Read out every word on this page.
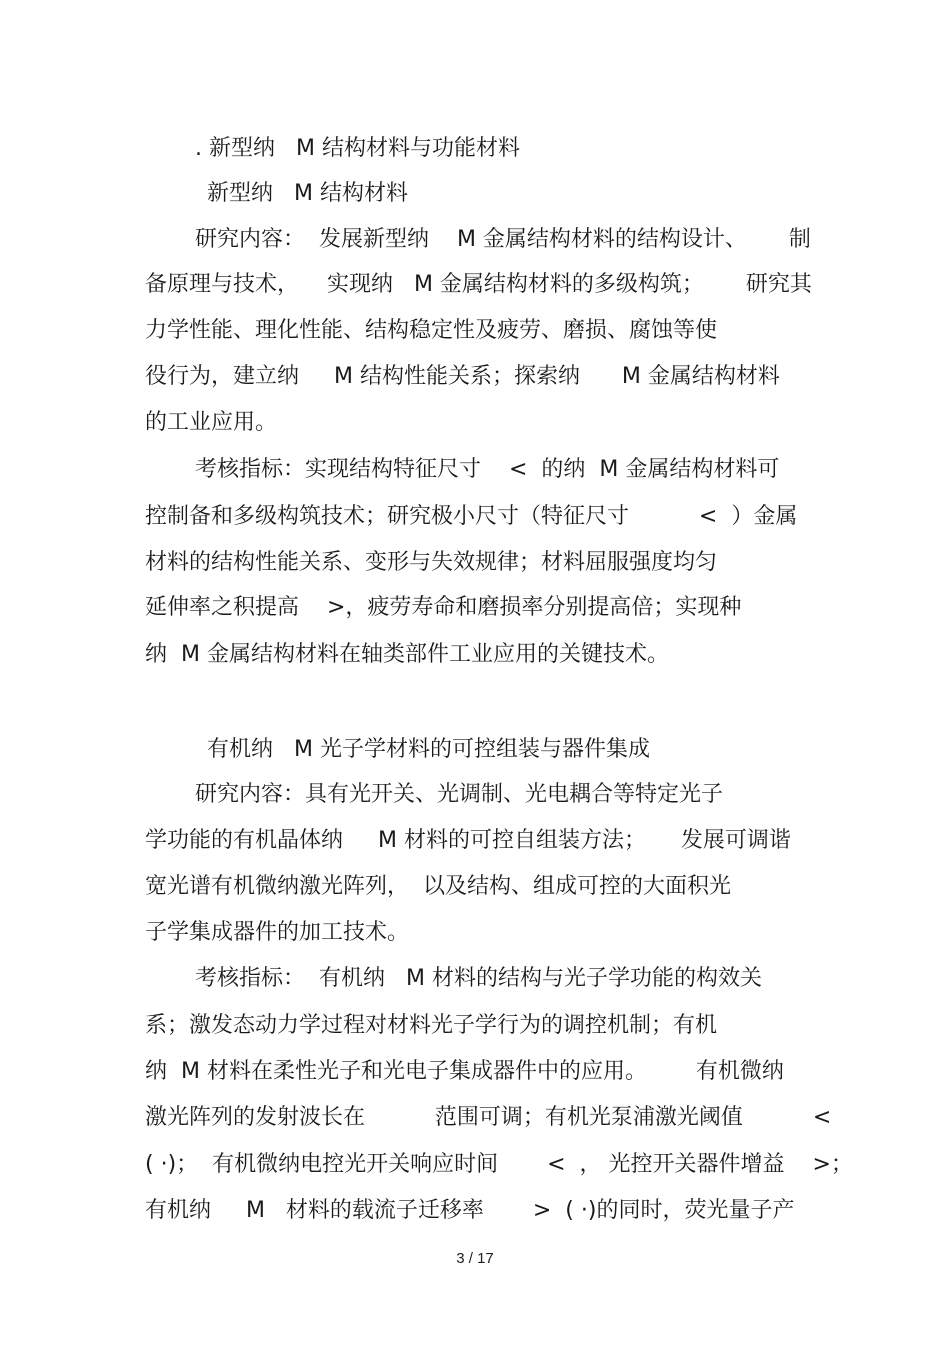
. 新型纳   M 结构材料与功能材料
新型纳   M 结构材料
研究内容：  发展新型纳    M 金属结构材料的结构设计、      制
备原理与技术，    实现纳   M 金属结构材料的多级构筑；      研究其
力学性能、理化性能、结构稳定性及疲劳、磨损、腐蚀等使
役行为，建立纳     M 结构性能关系；探索纳      M 金属结构材料
的工业应用。
考核指标：实现结构特征尺寸    <  的纳  M 金属结构材料可
控制备和多级构筑技术；研究极小尺寸（特征尺寸          <  ）金属
材料的结构性能关系、变形与失效规律；材料屈服强度均匀
延伸率之积提高    >，疲劳寿命和磨损率分别提高倍；实现种
纳  M 金属结构材料在轴类部件工业应用的关键技术。
有机纳   M 光子学材料的可控组装与器件集成
研究内容：具有光开关、光调制、光电耦合等特定光子
学功能的有机晶体纳     M 材料的可控自组装方法；     发展可调谐
宽光谱有机微纳激光阵列，  以及结构、组成可控的大面积光
子学集成器件的加工技术。
考核指标：  有机纳   M 材料的结构与光子学功能的构效关
系；激发态动力学过程对材料光子学行为的调控机制；有机
纳  M 材料在柔性光子和光电子集成器件中的应用。       有机微纳
激光阵列的发射波长在          范围可调；有机光泵浦激光阈值          <
( ·)；  有机微纳电控光开关响应时间       <  ， 光控开关器件增益    >；
有机纳     M   材料的载流子迁移率       >  ( ·)的同时，荧光量子产
3 / 17
